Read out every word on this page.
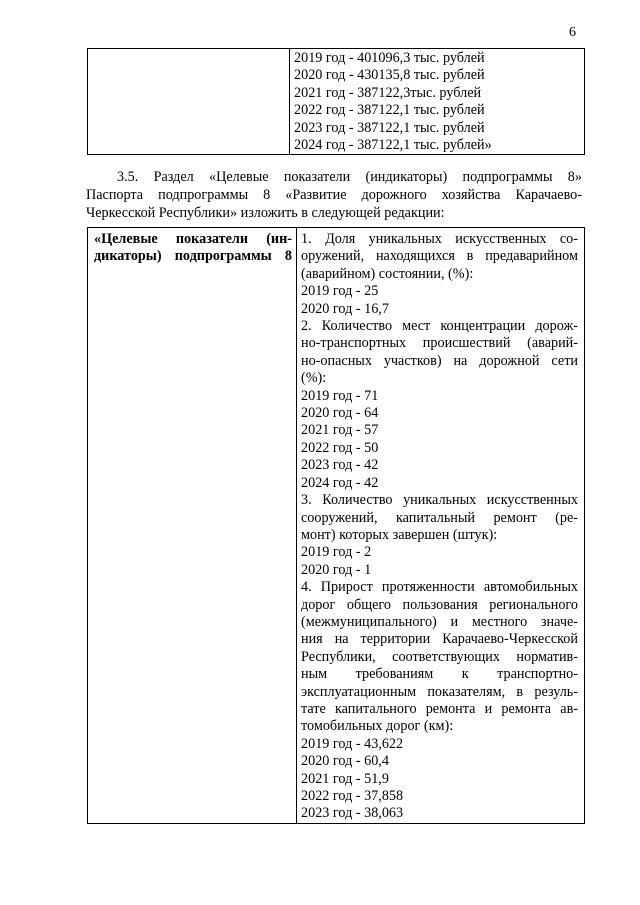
6

2019 год - 401096,3 тыс. рублей
2020 год - 430135,8 тыс. рублей
2021 год - 387122,3тыс. рублей
2022 год - 387122,1 тыс. рублей
2023 год - 387122,1 тыс. рублей
2024 год - 387122,1 тыс. рублей»
3.5. Раздел «Целевые показатели (индикаторы) подпрограммы 8»
Паспорта подпрограммы 8 «Развитие дорожного хозяйства Карачаево-
Черкесской Республики» изложить в следующей редакции:
«Целевые показатели (ин-
дикаторы) подпрограммы 8

1. Доля уникальных искусственных со-
оружений, находящихся в предаварийном
(аварийном) состоянии, (%):
2019 год - 25
2020 год - 16,7
2. Количество мест концентрации дорож-
но-транспортных происшествий (аварий-
но-опасных участков) на дорожной сети
(%):
2019 год - 71
2020 год - 64
2021 год - 57
2022 год - 50
2023 год - 42
2024 год - 42
3. Количество уникальных искусственных
сооружений, капитальный ремонт (ре-
монт) которых завершен (штук):
2019 год - 2
2020 год - 1
4. Прирост протяженности автомобильных
дорог общего пользования регионального
(межмуниципального) и местного значе-
ния на территории Карачаево-Черкесской
Республики, соответствующих норматив-
ным требованиям к транспортно-
эксплуатационным показателям, в резуль-
тате капитального ремонта и ремонта ав-
томобильных дорог (км):
2019 год - 43,622
2020 год - 60,4
2021 год - 51,9
2022 год - 37,858
2023 год - 38,063
